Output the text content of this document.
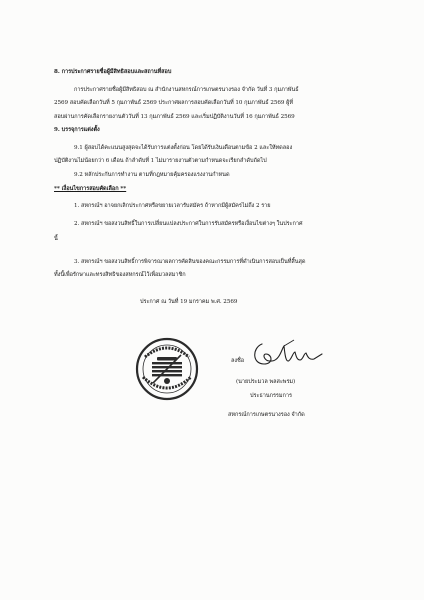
8. การประกาศรายชื่อผู้มีสิทธิสอบและสถานที่สอบ
การประกาศรายชื่อผู้มีสิทธิสอบ ณ สำนักงานสหกรณ์การเกษตรนางรอง จำกัด วันที่ 3 กุมภาพันธ์
2569 สอบคัดเลือกวันที่ 5 กุมภาพันธ์ 2569 ประกาศผลการสอบคัดเลือกวันที่ 10 กุมภาพันธ์ 2569 ผู้ที่
สอบผ่านการคัดเลือกรายงานตัววันที่ 13 กุมภาพันธ์ 2569 และเริ่มปฏิบัติงานวันที่ 16 กุมภาพันธ์ 2569
9. บรรจุการแต่งตั้ง
9.1 ผู้สอบได้คะแนนสูงสุดจะได้รับการแต่งตั้งก่อน โดยได้รับเงินเดือนตามข้อ 2 และให้ทดลอง
ปฏิบัติงานไม่น้อยกว่า 6 เดือน ถ้าลำดับที่ 1 ไม่มารายงานตัวตามกำหนดจะเรียกลำดับถัดไป
9.2 หลักประกันการทำงาน ตามที่กฎหมายคุ้มครองแรงงานกำหนด
** เงื่อนไขการสอบคัดเลือก **
1. สหกรณ์ฯ อาจยกเลิกประกาศหรือขยายเวลารับสมัคร ถ้าหากมีผู้สมัครไม่ถึง 2 ราย
2. สหกรณ์ฯ ขอสงวนสิทธิ์ในการเปลี่ยนแปลงประกาศในการรับสมัครหรือเงื่อนไขต่างๆ ในประกาศ
นี้
3. สหกรณ์ฯ ขอสงวนสิทธิ์การพิจารณาผลการคัดสินของคณะกรรมการที่ดำเนินการสอบเป็นที่สิ้นสุด
ทั้งนี้เพื่อรักษาและทรงสิทธิของสหกรณ์ไว้เพื่อมวลสมาชิก
ประกาศ ณ วันที่ 19 มกราคม พ.ศ. 2569
ลงชื่อ
(นายประมวล พลสะพรม)
ประธานกรรมการ
สหกรณ์การเกษตรนางรอง จำกัด
